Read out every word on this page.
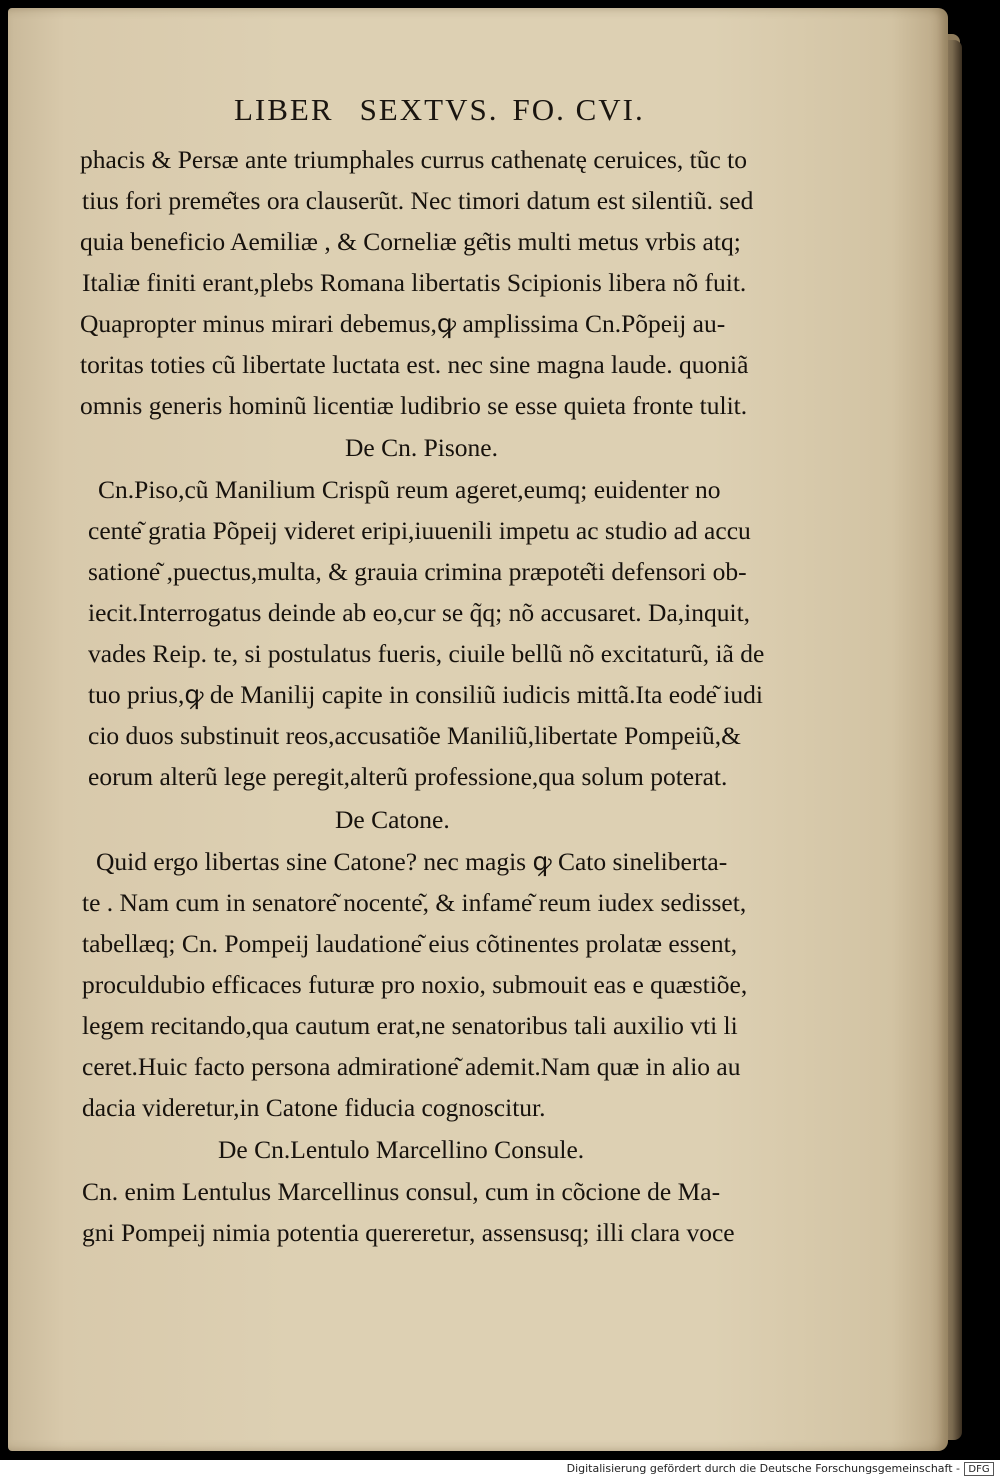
LIBER SEXTVS. FO. CVI.
phacis & Persæ ante triumphales currus cathenatę ceruices, tũc to
tius fori preme͂tes ora clauserũt. Nec timori datum est silentiũ. sed
quia beneficio Aemiliæ , & Corneliæ ge͂tis multi metus vrbis atq;
Italiæ finiti erant,plebs Romana libertatis Scipionis libera nõ fuit.
Quapropter minus mirari debemus,ꝙ amplissima Cn.Põpeij au-
toritas toties cũ libertate luctata est. nec sine magna laude. quoniã
omnis generis hominũ licentiæ ludibrio se esse quieta fronte tulit.
De Cn. Pisone.
Cn.Piso,cũ Manilium Crispũ reum ageret,eumq; euidenter no
cente͂ gratia Põpeij videret eripi,iuuenili impetu ac studio ad accu
satione͂ ,puectus,multa, & grauia crimina præpote͂ti defensori ob-
iecit.Interrogatus deinde ab eo,cur se q̃q; nõ accusaret. Da,inquit,
vades Reip. te, si postulatus fueris, ciuile bellũ nõ excitaturũ, iã de
tuo prius,ꝙ de Manilij capite in consiliũ iudicis mittã.Ita eode͂ iudi
cio duos substinuit reos,accusatiõe Maniliũ,libertate Pompeiũ,&
eorum alterũ lege peregit,alterũ professione,qua solum poterat.
De Catone.
Quid ergo libertas sine Catone? nec magis ꝙ Cato sineliberta-
te . Nam cum in senatore͂ nocente͂, & infame͂ reum iudex sedisset,
tabellæq; Cn. Pompeij laudatione͂ eius cõtinentes prolatæ essent,
proculdubio efficaces futuræ pro noxio, submouit eas e quæstiõe,
legem recitando,qua cautum erat,ne senatoribus tali auxilio vti li
ceret.Huic facto persona admiratione͂ ademit.Nam quæ in alio au
dacia videretur,in Catone fiducia cognoscitur.
De Cn.Lentulo Marcellino Consule.
Cn. enim Lentulus Marcellinus consul, cum in cõcione de Ma-
gni Pompeij nimia potentia quereretur, assensusq; illi clara voce
Digitalisierung gefördert durch die Deutsche Forschungsgemeinschaft - DFG
